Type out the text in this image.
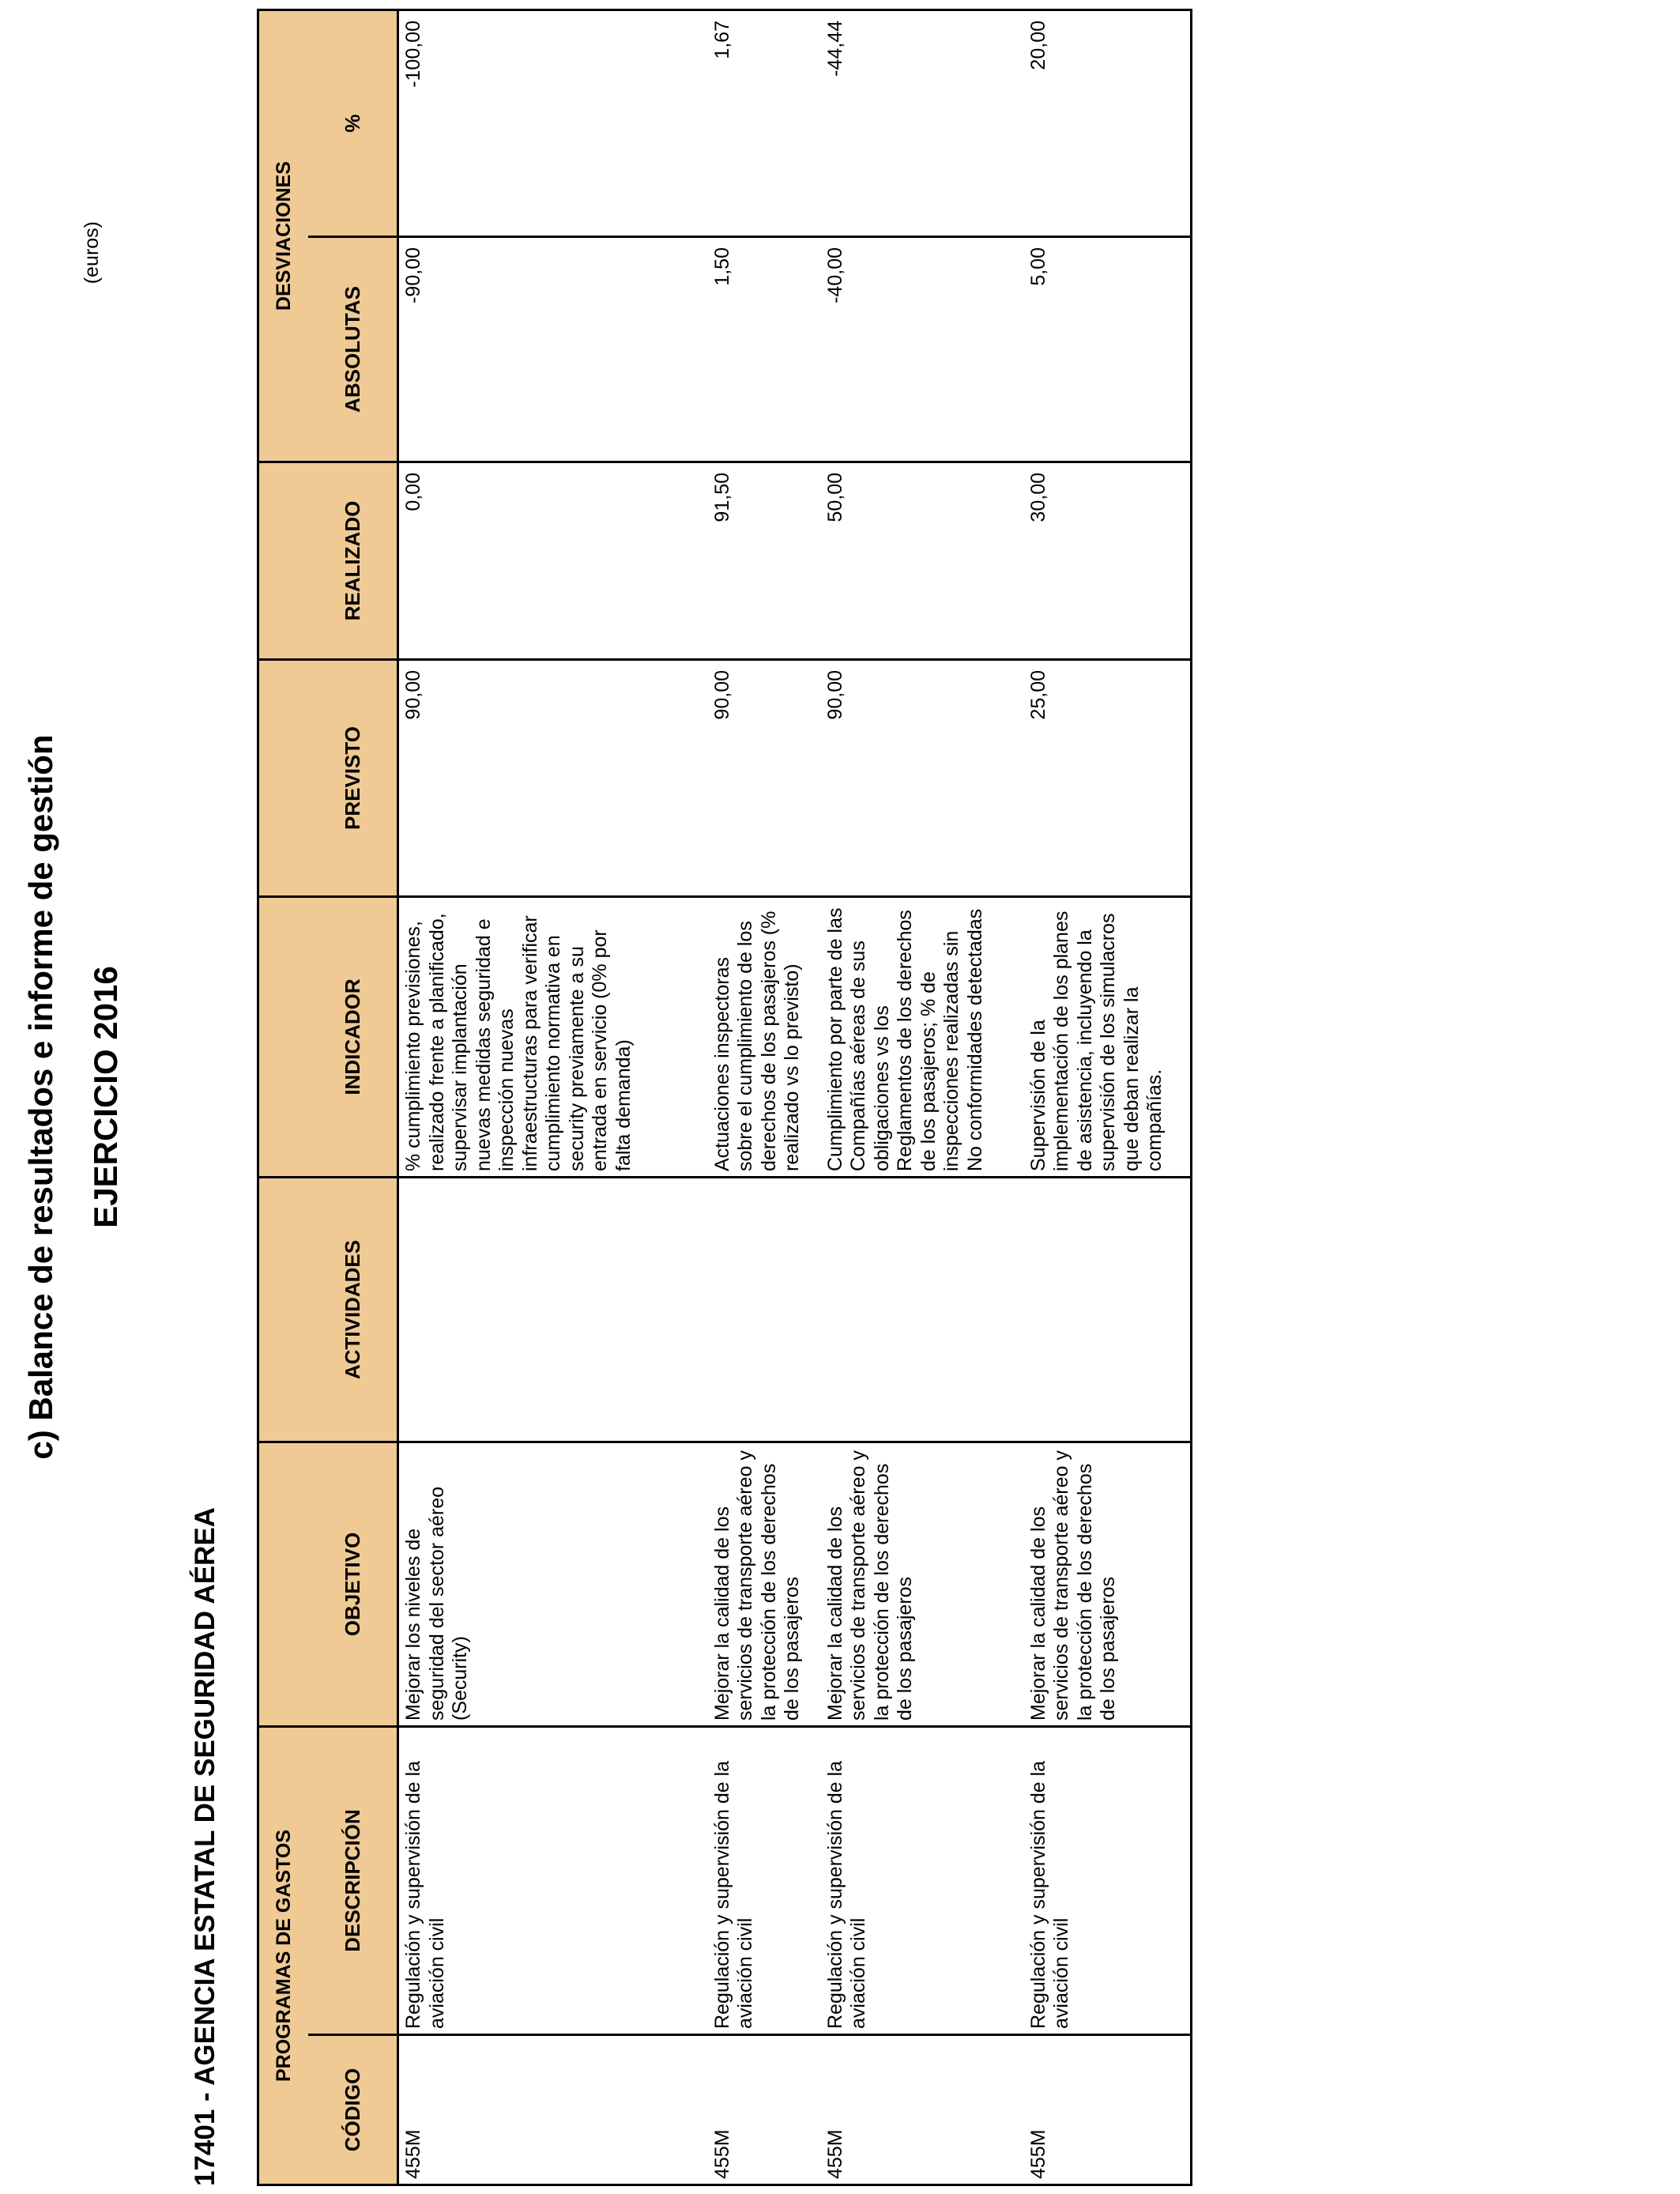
c) Balance de resultados e informe de gestión EJERCICIO 2016
(euros)
17401 - AGENCIA ESTATAL DE SEGURIDAD AÉREA	PROGRAMAS DE GASTOS							DESVIACIONES	
CÓDIGO	DESCRIPCIÓN	OBJETIVO	ACTIVIDADES	INDICADOR	PREVISTO	REALIZADO	ABSOLUTAS	%
455M	Regulación y supervisión de la aviación civil	Mejorar los niveles de seguridad del sector aéreo (Security)		% cumplimiento previsiones, realizado frente a planificado, supervisar implantación nuevas medidas seguridad e inspección nuevas infraestructuras para verificar cumplimiento normativa en security previamente a su entrada en servicio (0% por falta demanda)	90,00	0,00	-90,00	-100,00
455M	Regulación y supervisión de la aviación civil	Mejorar la calidad de los servicios de transporte aéreo y la protección de los derechos de los pasajeros		Actuaciones inspectoras sobre el cumplimiento de los derechos de los pasajeros (% realizado vs lo previsto)	90,00	91,50	1,50	1,67
455M	Regulación y supervisión de la aviación civil	Mejorar la calidad de los servicios de transporte aéreo y la protección de los derechos de los pasajeros		Cumplimiento por parte de las Compañías aéreas de sus obligaciones vs los Reglamentos de los derechos de los pasajeros; % de inspecciones realizadas sin No conformidades detectadas	90,00	50,00	-40,00	-44,44
455M	Regulación y supervisión de la aviación civil	Mejorar la calidad de los servicios de transporte aéreo y la protección de los derechos de los pasajeros		Supervisión de la implementación de los planes de asistencia, incluyendo la supervisión de los simulacros que deban realizar la compañías.	25,00	30,00	5,00	20,00
